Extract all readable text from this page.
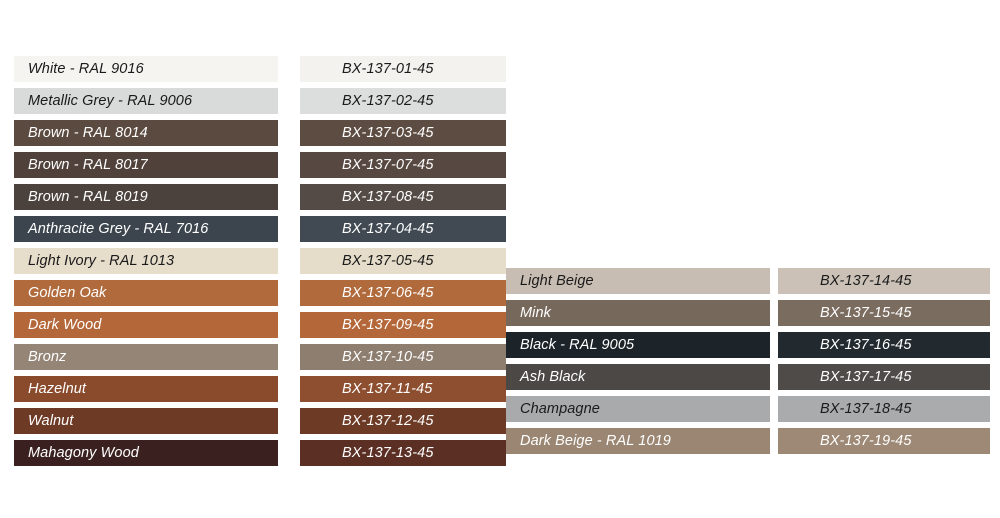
White - RAL 9016	BX-137-01-45
Metallic Grey - RAL 9006	BX-137-02-45
Brown - RAL 8014	BX-137-03-45
Brown - RAL 8017	BX-137-07-45
Brown - RAL 8019	BX-137-08-45
Anthracite Grey - RAL 7016	BX-137-04-45
Light Ivory - RAL 1013	BX-137-05-45
Golden Oak	BX-137-06-45
Dark Wood	BX-137-09-45
Bronz	BX-137-10-45
Hazelnut	BX-137-11-45
Walnut	BX-137-12-45
Mahagony Wood	BX-137-13-45
Light Beige	BX-137-14-45
Mink	BX-137-15-45
Black - RAL 9005	BX-137-16-45
Ash Black	BX-137-17-45
Champagne	BX-137-18-45
Dark Beige - RAL 1019	BX-137-19-45
